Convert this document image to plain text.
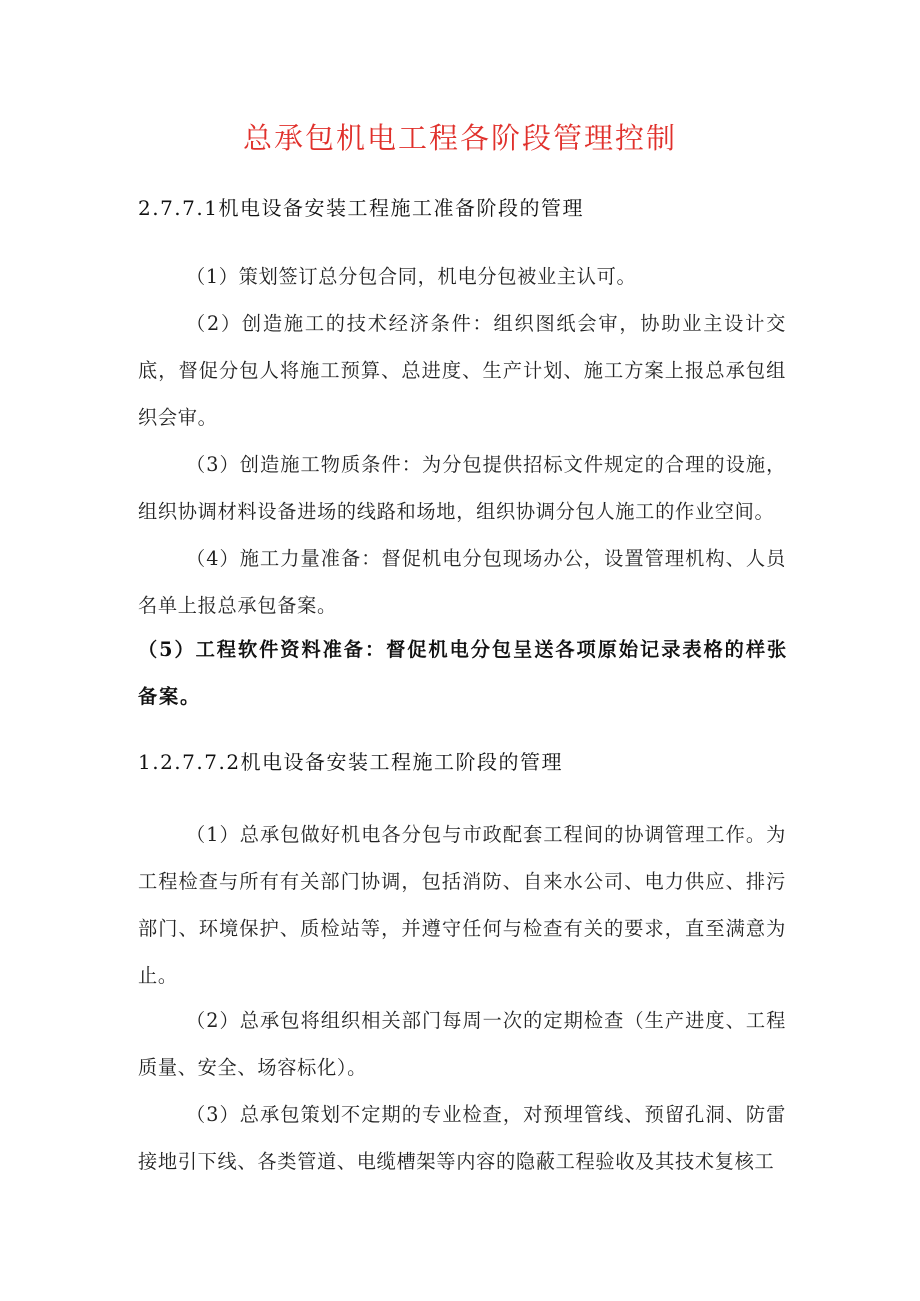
总承包机电工程各阶段管理控制
2.7.7.1机电设备安装工程施工准备阶段的管理
（1）策划签订总分包合同，机电分包被业主认可。
（2）创造施工的技术经济条件：组织图纸会审，协助业主设计交底，督促分包人将施工预算、总进度、生产计划、施工方案上报总承包组织会审。
（3）创造施工物质条件：为分包提供招标文件规定的合理的设施，组织协调材料设备进场的线路和场地，组织协调分包人施工的作业空间。
（4）施工力量准备：督促机电分包现场办公，设置管理机构、人员名单上报总承包备案。
（5）工程软件资料准备：督促机电分包呈送各项原始记录表格的样张备案。
1.2.7.7.2机电设备安装工程施工阶段的管理
（1）总承包做好机电各分包与市政配套工程间的协调管理工作。为工程检查与所有有关部门协调，包括消防、自来水公司、电力供应、排污部门、环境保护、质检站等，并遵守任何与检查有关的要求，直至满意为止。
（2）总承包将组织相关部门每周一次的定期检查（生产进度、工程质量、安全、场容标化）。
（3）总承包策划不定期的专业检查，对预埋管线、预留孔洞、防雷接地引下线、各类管道、电缆槽架等内容的隐蔽工程验收及其技术复核工
